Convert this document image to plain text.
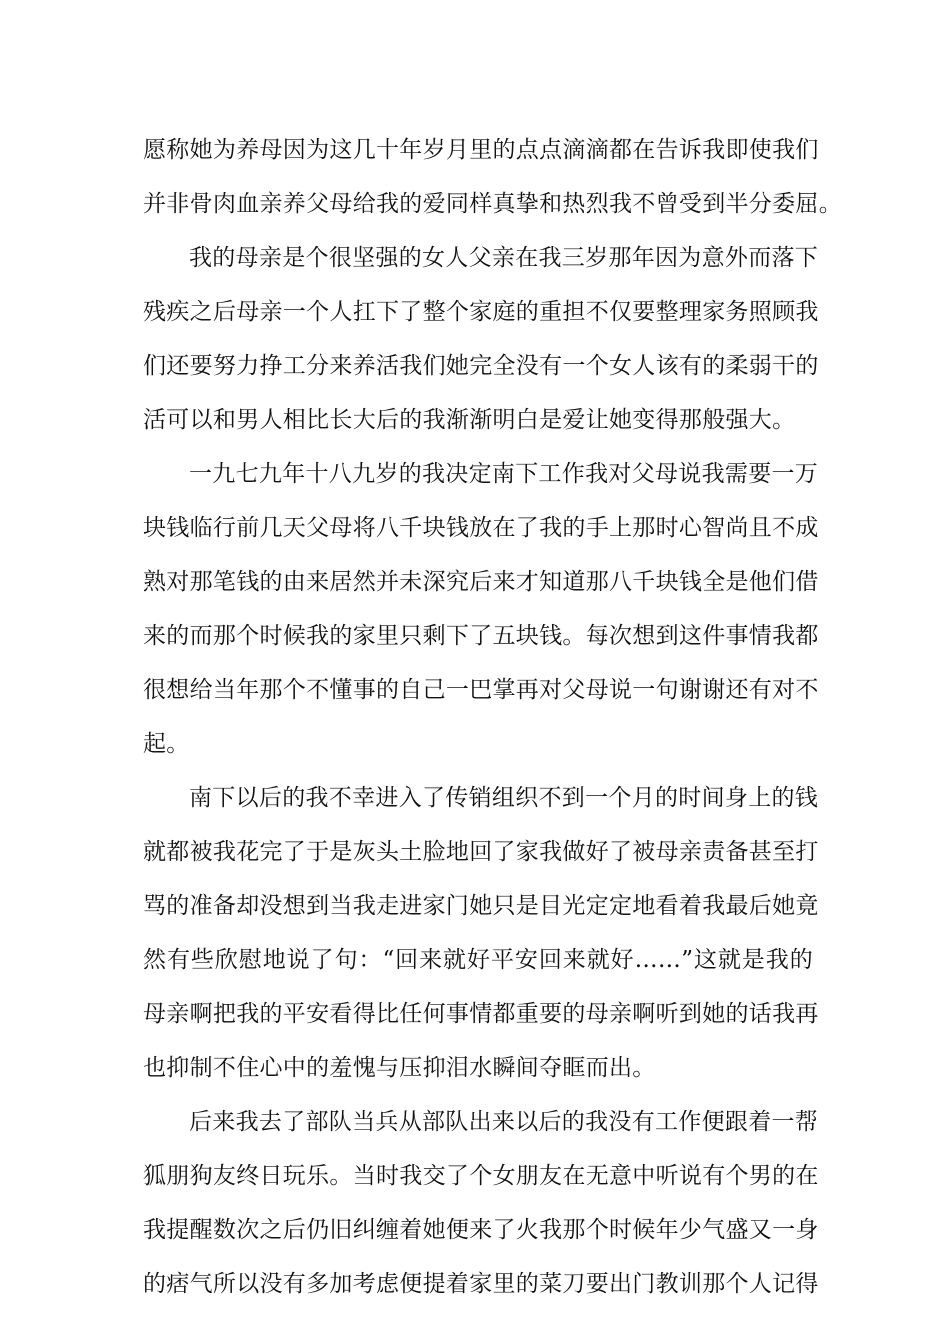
愿称她为养母因为这几十年岁月里的点点滴滴都在告诉我即使我们

并非骨肉血亲养父母给我的爱同样真挚和热烈我不曾受到半分委屈。

我的母亲是个很坚强的女人父亲在我三岁那年因为意外而落下

残疾之后母亲一个人扛下了整个家庭的重担不仅要整理家务照顾我

们还要努力挣工分来养活我们她完全没有一个女人该有的柔弱干的

活可以和男人相比长大后的我渐渐明白是爱让她变得那般强大。

一九七九年十八九岁的我决定南下工作我对父母说我需要一万

块钱临行前几天父母将八千块钱放在了我的手上那时心智尚且不成

熟对那笔钱的由来居然并未深究后来才知道那八千块钱全是他们借

来的而那个时候我的家里只剩下了五块钱。每次想到这件事情我都

很想给当年那个不懂事的自己一巴掌再对父母说一句谢谢还有对不

起。

南下以后的我不幸进入了传销组织不到一个月的时间身上的钱

就都被我花完了于是灰头土脸地回了家我做好了被母亲责备甚至打

骂的准备却没想到当我走进家门她只是目光定定地看着我最后她竟

然有些欣慰地说了句：“回来就好平安回来就好……”这就是我的

母亲啊把我的平安看得比任何事情都重要的母亲啊听到她的话我再

也抑制不住心中的羞愧与压抑泪水瞬间夺眶而出。

后来我去了部队当兵从部队出来以后的我没有工作便跟着一帮

狐朋狗友终日玩乐。当时我交了个女朋友在无意中听说有个男的在

我提醒数次之后仍旧纠缠着她便来了火我那个时候年少气盛又一身

的痞气所以没有多加考虑便提着家里的菜刀要出门教训那个人记得
